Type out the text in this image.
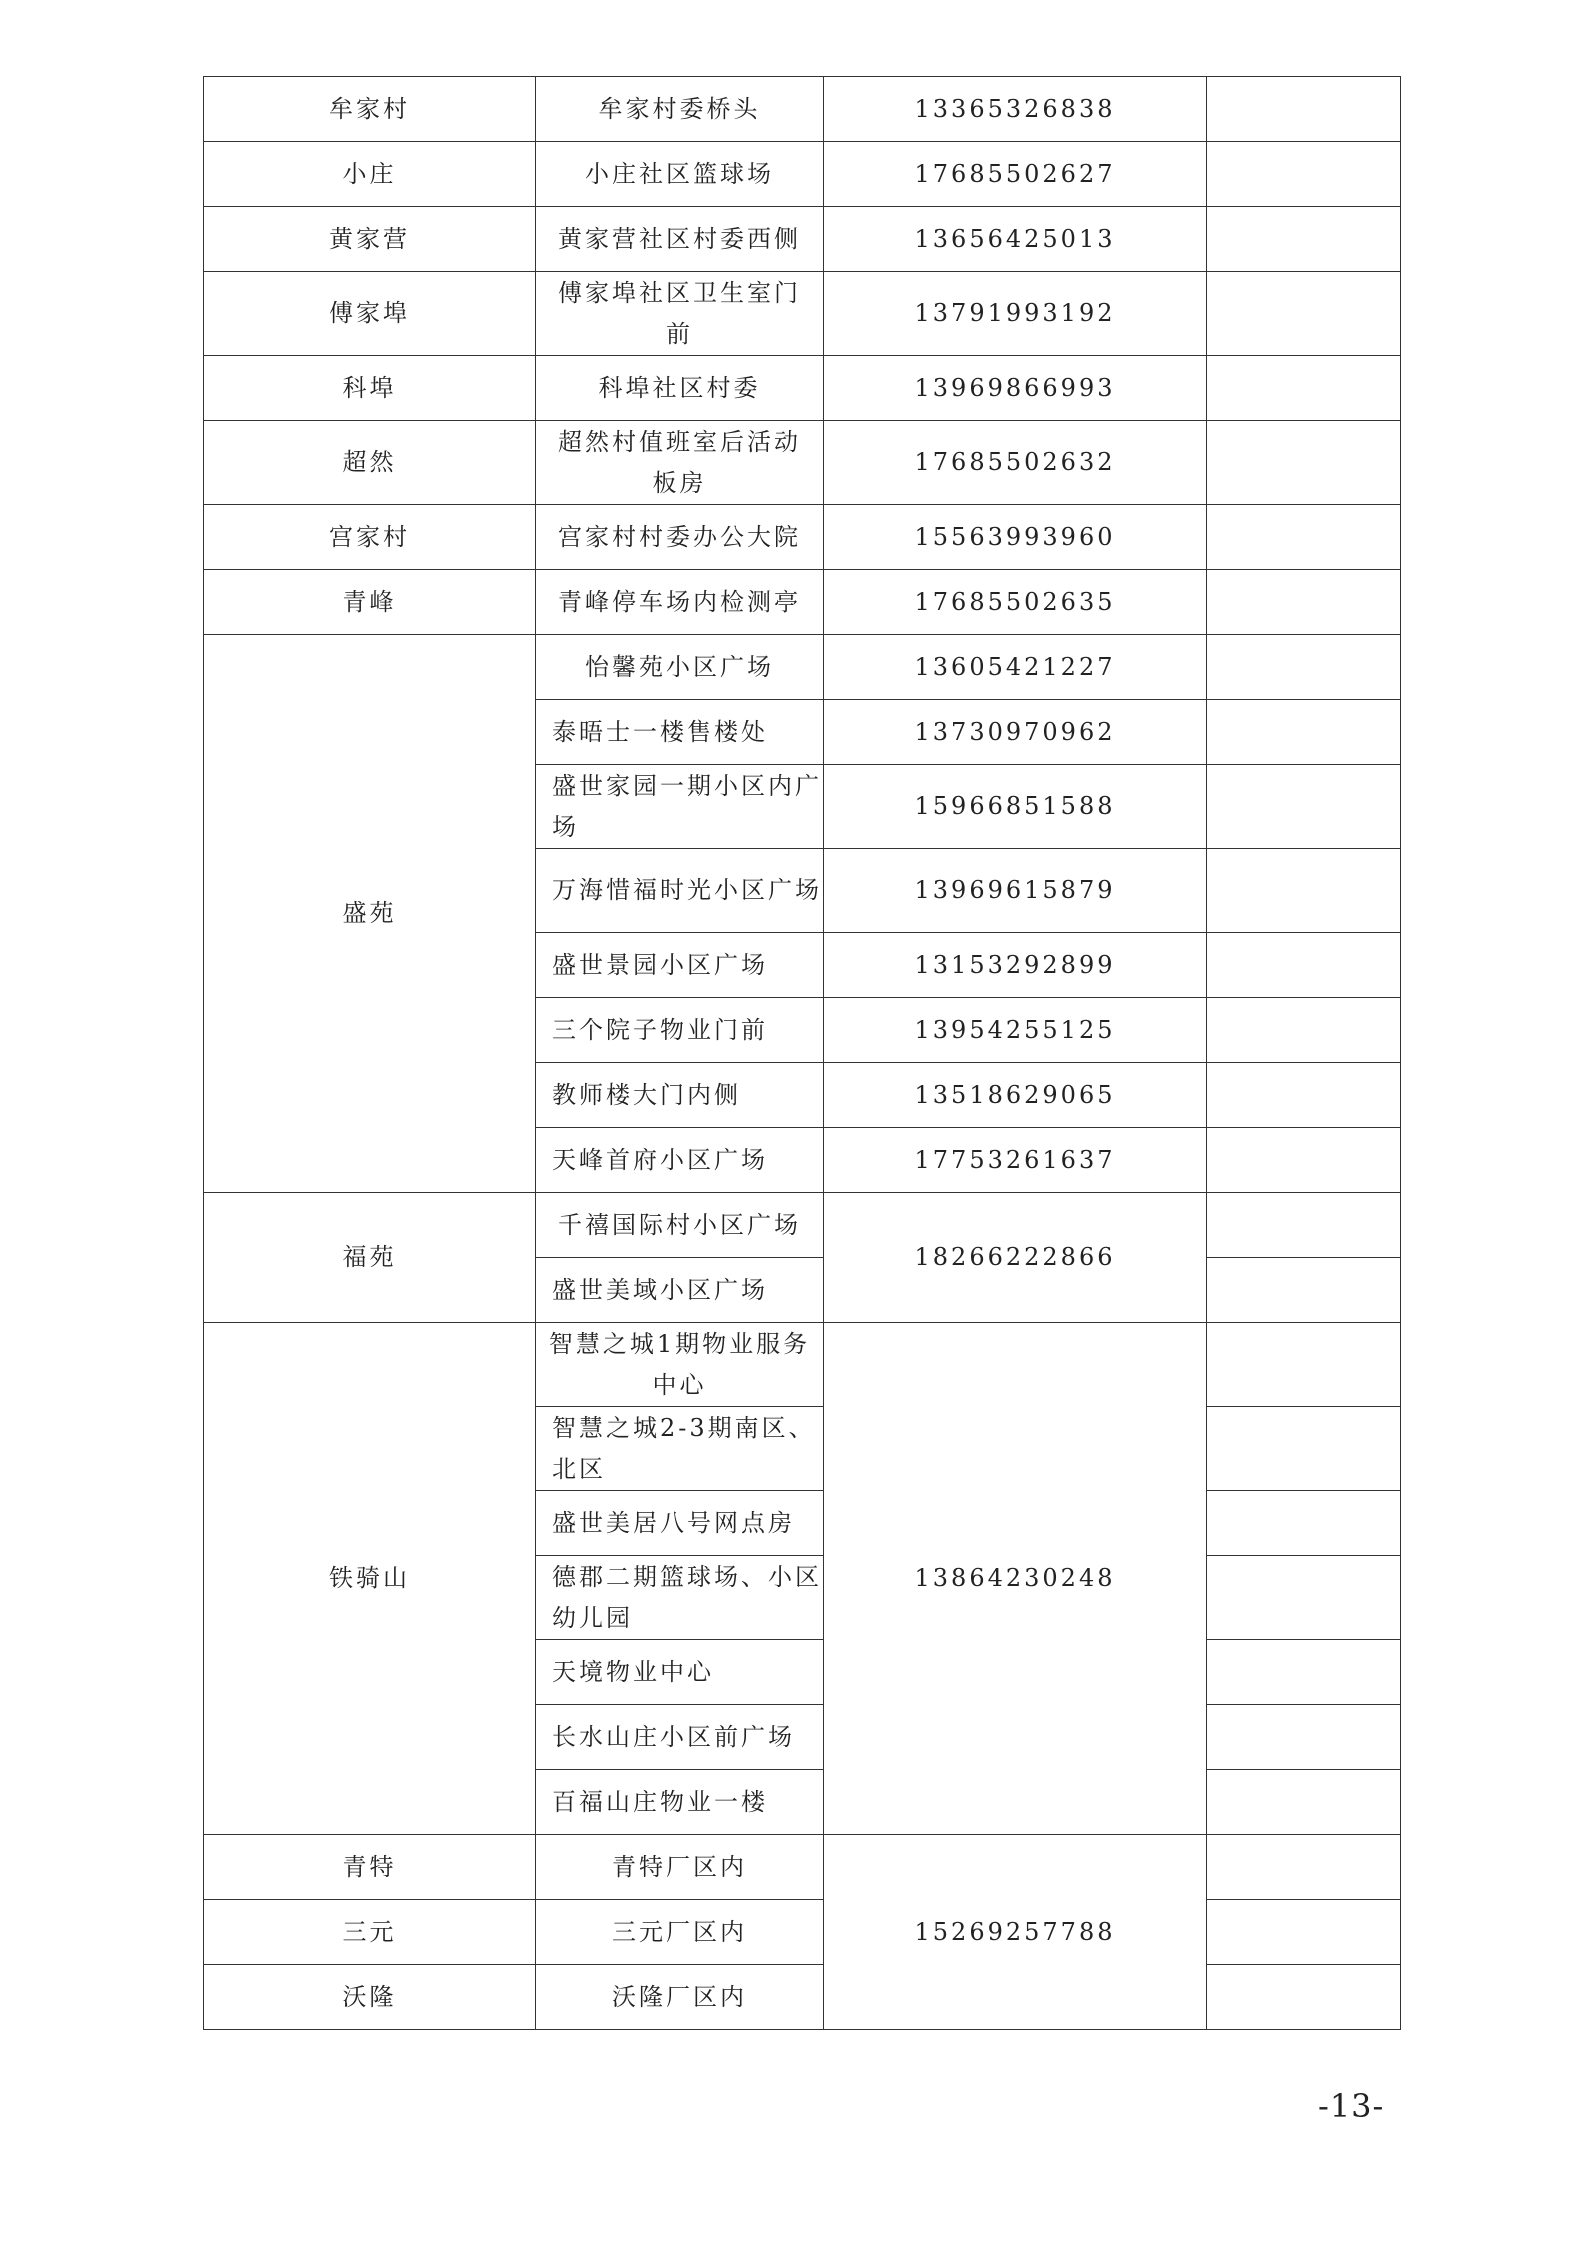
牟家村	牟家村委桥头	13365326838	
小庄	小庄社区篮球场	17685502627	
黄家营	黄家营社区村委西侧	13656425013	
傅家埠	傅家埠社区卫生室门前	13791993192	
科埠	科埠社区村委	13969866993	
超然	超然村值班室后活动板房	17685502632	
宫家村	宫家村村委办公大院	15563993960	
青峰	青峰停车场内检测亭	17685502635	
盛苑	怡馨苑小区广场	13605421227	
	泰晤士一楼售楼处	13730970962	
	盛世家园一期小区内广场	15966851588	
	万海惜福时光小区广场	13969615879	
	盛世景园小区广场	13153292899	
	三个院子物业门前	13954255125	
	教师楼大门内侧	13518629065	
	天峰首府小区广场	17753261637	
福苑	千禧国际村小区广场	18266222866	
	盛世美域小区广场		
铁骑山	智慧之城1期物业服务中心	13864230248	
	智慧之城2-3期南区、北区		
	盛世美居八号网点房		
	德郡二期篮球场、小区幼儿园		
	天境物业中心		
	长水山庄小区前广场		
	百福山庄物业一楼		
青特	青特厂区内	15269257788	
三元	三元厂区内		
沃隆	沃隆厂区内		
-13-
